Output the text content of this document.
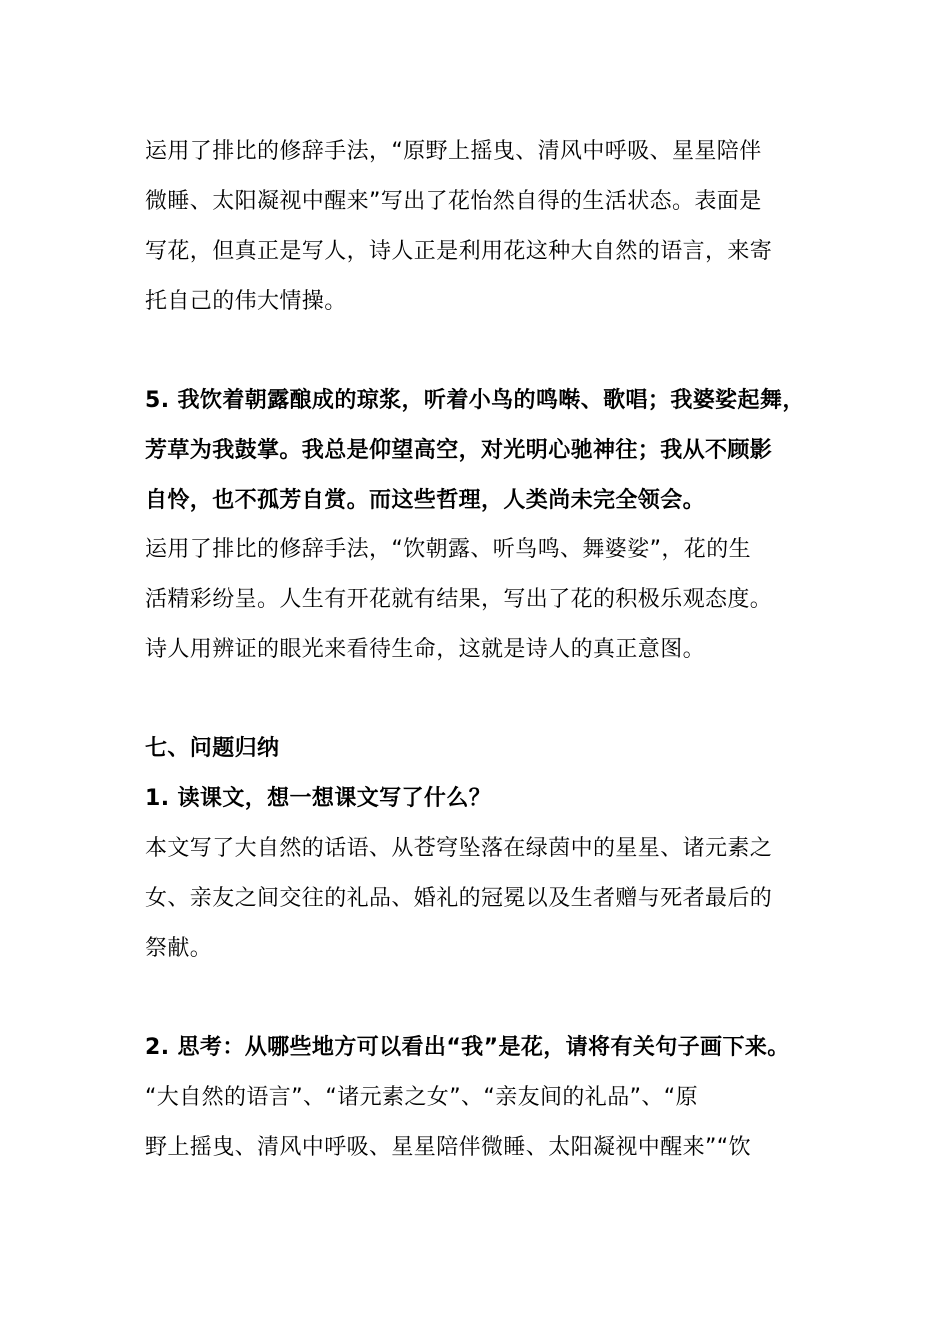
运用了排比的修辞手法，“原野上摇曳、清风中呼吸、星星陪伴
微睡、太阳凝视中醒来”写出了花怡然自得的生活状态。表面是
写花，但真正是写人，诗人正是利用花这种大自然的语言，来寄
托自己的伟大情操。
5. 我饮着朝露酿成的琼浆，听着小鸟的鸣啭、歌唱；我婆娑起舞，
芳草为我鼓掌。我总是仰望高空，对光明心驰神往；我从不顾影
自怜，也不孤芳自赏。而这些哲理，人类尚未完全领会。
运用了排比的修辞手法，“饮朝露、听鸟鸣、舞婆娑”，花的生
活精彩纷呈。人生有开花就有结果，写出了花的积极乐观态度。
诗人用辨证的眼光来看待生命，这就是诗人的真正意图。
七、问题归纳
1. 读课文，想一想课文写了什么？
本文写了大自然的话语、从苍穹坠落在绿茵中的星星、诸元素之
女、亲友之间交往的礼品、婚礼的冠冕以及生者赠与死者最后的
祭献。
2. 思考：从哪些地方可以看出“我”是花，请将有关句子画下来。
“大自然的语言”、“诸元素之女”、“亲友间的礼品”、“原
野上摇曳、清风中呼吸、星星陪伴微睡、太阳凝视中醒来”“饮
